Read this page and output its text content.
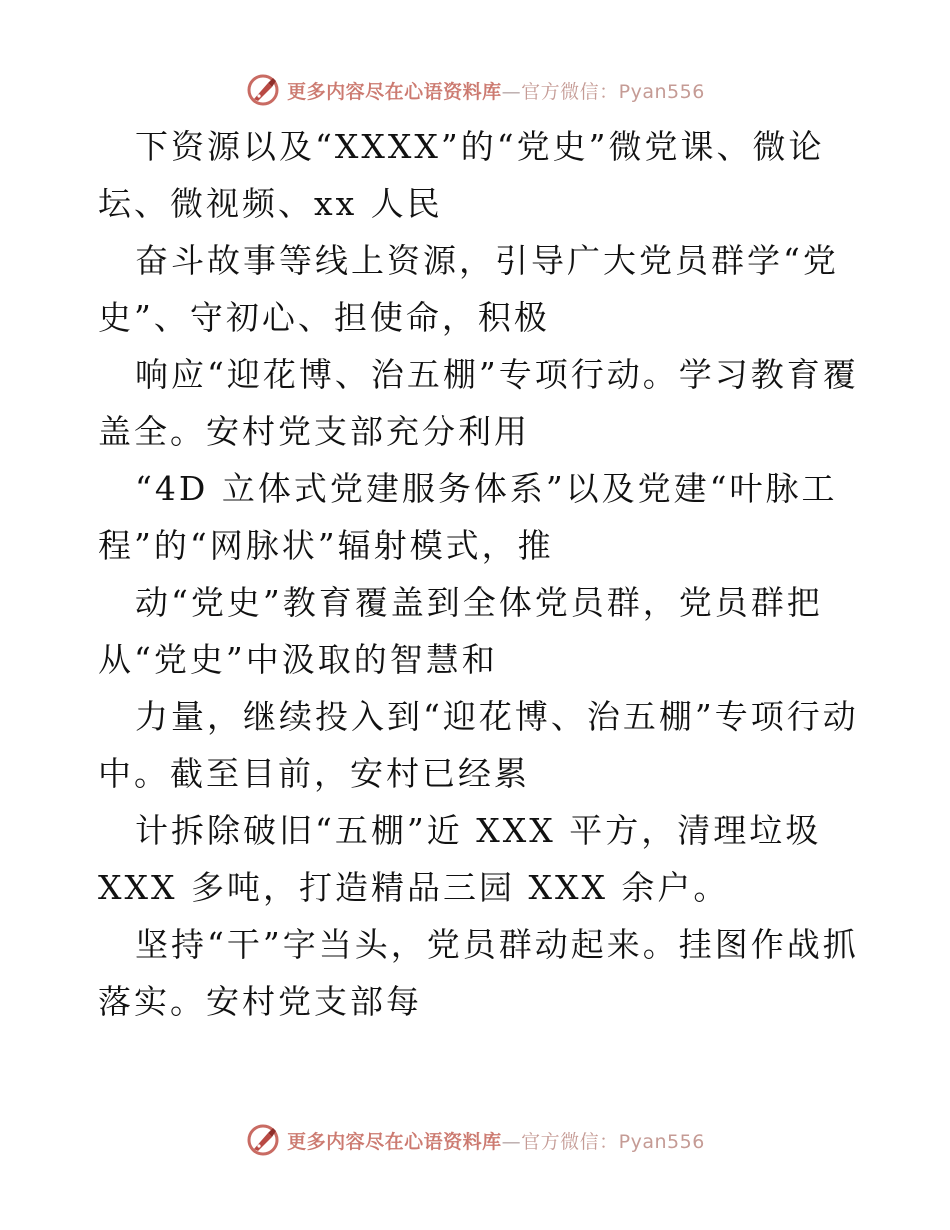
更多内容尽在心语资料库—官方微信：Pyan556

下资源以及“XXXX”的“党史”微党课、微论
坛、微视频、xx 人民

奋斗故事等线上资源，引导广大党员群学“党
史”、守初心、担使命，积极

响应“迎花博、治五棚”专项行动。学习教育覆
盖全。安村党支部充分利用

“4D 立体式党建服务体系”以及党建“叶脉工
程”的“网脉状”辐射模式，推

动“党史”教育覆盖到全体党员群，党员群把
从“党史”中汲取的智慧和

力量，继续投入到“迎花博、治五棚”专项行动
中。截至目前，安村已经累

计拆除破旧“五棚”近 XXX 平方，清理垃圾
XXX 多吨，打造精品三园 XXX 余户。

坚持“干”字当头，党员群动起来。挂图作战抓
落实。安村党支部每

更多内容尽在心语资料库—官方微信：Pyan556
